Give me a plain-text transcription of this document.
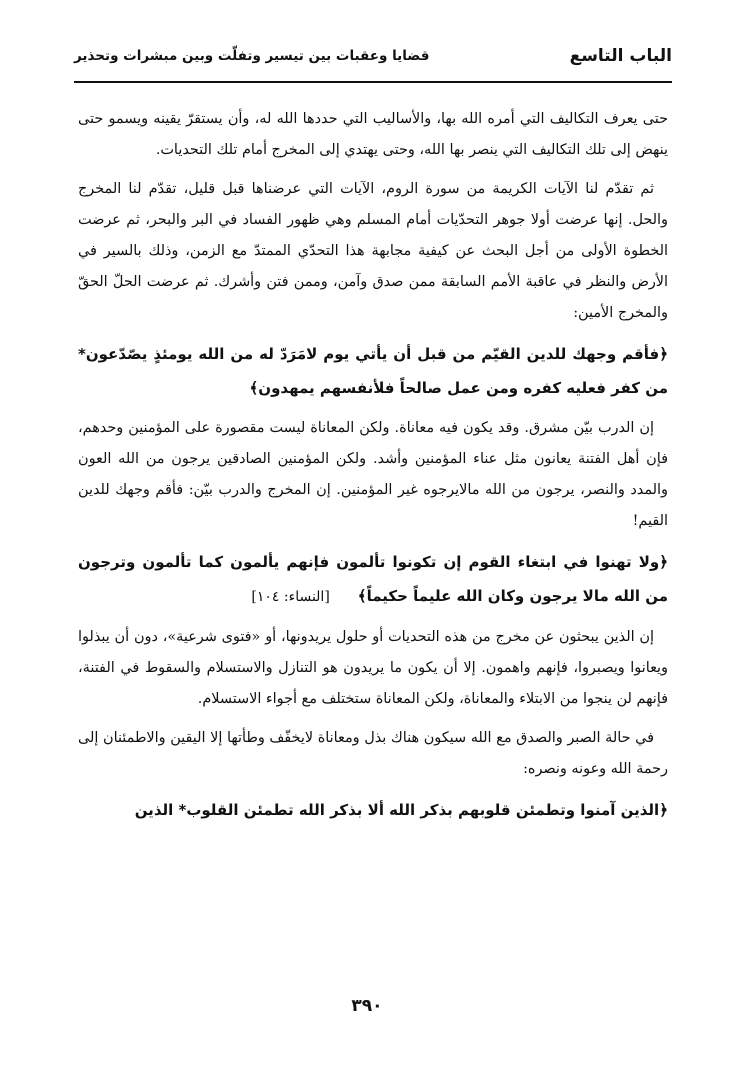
الباب التاسع
قضايا وعقبات بين تيسير وتفلّت وبين مبشرات وتحذير

حتى يعرف التكاليف التي أمره الله بها، والأساليب التي حددها الله له، وأن يستقرّ يقينه ويسمو حتى ينهض إلى تلك التكاليف التي ينصر بها الله، وحتى يهتدي إلى المخرج أمام تلك التحديات.

ثم تقدّم لنا الآيات الكريمة من سورة الروم، الآيات التي عرضناها قبل قليل، تقدّم لنا المخرج والحل. إنها عرضت أولا جوهر التحدّيات أمام المسلم وهي ظهور الفساد في البر والبحر، ثم عرضت الخطوة الأولى من أجل البحث عن كيفية مجابهة هذا التحدّي الممتدّ مع الزمن، وذلك بالسير في الأرض والنظر في عاقبة الأمم السابقة ممن صدق وآمن، وممن فتن وأشرك. ثم عرضت الحلّ الحقّ والمخرج الأمين:

﴿فأقم وجهك للدين القيّم من قبل أن يأتي يوم لامَرَدّ له من الله يومئذٍ يصّدّعون* من كفر فعليه كفره ومن عمل صالحاً فلأنفسهم يمهدون﴾

إن الدرب بيّن مشرق. وقد يكون فيه معاناة. ولكن المعاناة ليست مقصورة على المؤمنين وحدهم، فإن أهل الفتنة يعانون مثل عناء المؤمنين وأشد. ولكن المؤمنين الصادقين يرجون من الله العون والمدد والنصر، يرجون من الله مالايرجوه غير المؤمنين. إن المخرج والدرب بيّن: فأقم وجهك للدين القيم!

﴿ولا تهنوا في ابتغاء القوم إن تكونوا تألمون فإنهم يألمون كما تألمون وترجون من الله مالا يرجون وكان الله عليماً حكيماً﴾[النساء: ١٠٤]

إن الذين يبحثون عن مخرج من هذه التحديات أو حلول يريدونها، أو «فتوى شرعية»، دون أن يبذلوا ويعانوا ويصبروا، فإنهم واهمون. إلا أن يكون ما يريدون هو التنازل والاستسلام والسقوط في الفتنة، فإنهم لن ينجوا من الابتلاء والمعاناة، ولكن المعاناة ستختلف مع أجواء الاستسلام.

في حالة الصبر والصدق مع الله سيكون هناك بذل ومعاناة لايخفّف وطأتها إلا اليقين والاطمئنان إلى رحمة الله وعونه ونصره:

﴿الذين آمنوا وتطمئن قلوبهم بذكر الله ألا بذكر الله تطمئن القلوب* الذين

٣٩٠
